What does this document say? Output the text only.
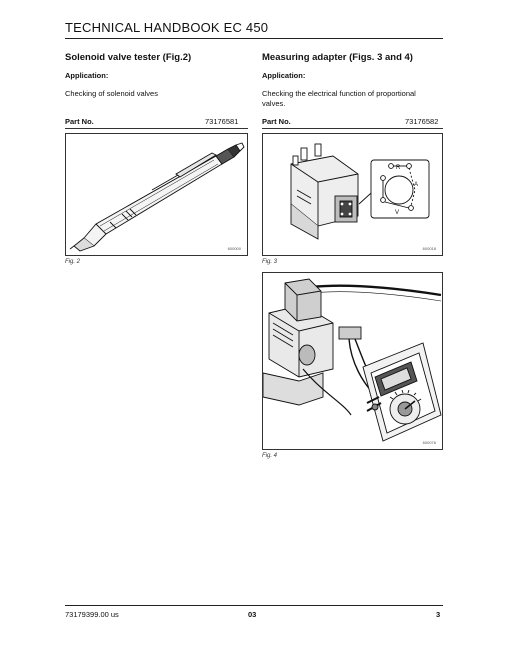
TECHNICAL HANDBOOK EC 450
Solenoid valve tester (Fig.2)
Application:
Checking of solenoid valves
Part No.	73176581
600000
Fig. 2
Measuring adapter (Figs. 3 and 4)
Application:
Checking the electrical function of proportional
valves.
Part No.	73176582
R
A
V
600018
Fig. 3
600076
Fig. 4
73179399.00 us	03	3
